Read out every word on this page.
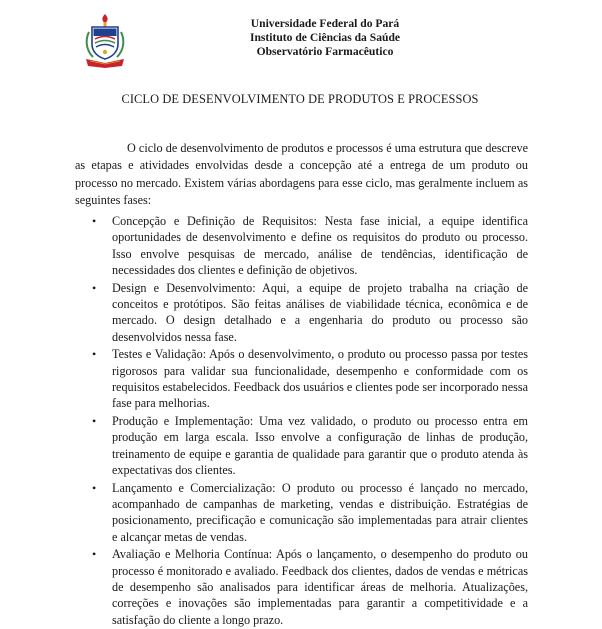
Universidade Federal do Pará
Instituto de Ciências da Saúde
Observatório Farmacêutico
CICLO DE DESENVOLVIMENTO DE PRODUTOS E PROCESSOS

O ciclo de desenvolvimento de produtos e processos é uma estrutura que descreve as etapas e atividades envolvidas desde a concepção até a entrega de um produto ou processo no mercado. Existem várias abordagens para esse ciclo, mas geralmente incluem as seguintes fases:

• Concepção e Definição de Requisitos: Nesta fase inicial, a equipe identifica oportunidades de desenvolvimento e define os requisitos do produto ou processo. Isso envolve pesquisas de mercado, análise de tendências, identificação de necessidades dos clientes e definição de objetivos.
• Design e Desenvolvimento: Aqui, a equipe de projeto trabalha na criação de conceitos e protótipos. São feitas análises de viabilidade técnica, econômica e de mercado. O design detalhado e a engenharia do produto ou processo são desenvolvidos nessa fase.
• Testes e Validação: Após o desenvolvimento, o produto ou processo passa por testes rigorosos para validar sua funcionalidade, desempenho e conformidade com os requisitos estabelecidos. Feedback dos usuários e clientes pode ser incorporado nessa fase para melhorias.
• Produção e Implementação: Uma vez validado, o produto ou processo entra em produção em larga escala. Isso envolve a configuração de linhas de produção, treinamento de equipe e garantia de qualidade para garantir que o produto atenda às expectativas dos clientes.
• Lançamento e Comercialização: O produto ou processo é lançado no mercado, acompanhado de campanhas de marketing, vendas e distribuição. Estratégias de posicionamento, precificação e comunicação são implementadas para atrair clientes e alcançar metas de vendas.
• Avaliação e Melhoria Contínua: Após o lançamento, o desempenho do produto ou processo é monitorado e avaliado. Feedback dos clientes, dados de vendas e métricas de desempenho são analisados para identificar áreas de melhoria. Atualizações, correções e inovações são implementadas para garantir a competitividade e a satisfação do cliente a longo prazo.
